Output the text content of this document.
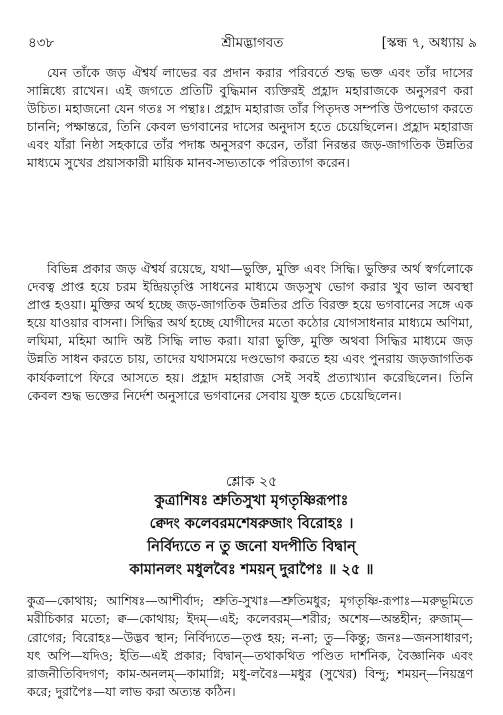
৪৩৮	শ্রীমদ্ভাগবত	[স্কন্ধ ৭, অধ্যায় ৯
যেন তাঁকে জড় ঐশ্বর্য লাভের বর প্রদান করার পরিবর্তে শুদ্ধ ভক্ত এবং তাঁর দাসের সান্নিধ্যে রাখেন। এই জগতে প্রতিটি বুদ্ধিমান ব্যক্তিরই প্রহ্লাদ মহারাজকে অনুসরণ করা উচিত। মহাজনো যেন গতঃ স পন্থাঃ। প্রহ্লাদ মহারাজ তাঁর পিতৃদত্ত সম্পত্তি উপভোগ করতে চাননি; পক্ষান্তরে, তিনি কেবল ভগবানের দাসের অনুদাস হতে চেয়েছিলেন। প্রহ্লাদ মহারাজ এবং যাঁরা নিষ্ঠা সহকারে তাঁর পদাঙ্ক অনুসরণ করেন, তাঁরা নিরন্তর জড়-জাগতিক উন্নতির মাধ্যমে সুখের প্রয়াসকারী মায়িক মানব-সভ্যতাকে পরিত্যাগ করেন।
বিভিন্ন প্রকার জড় ঐশ্বর্য রয়েছে, যথা—ভুক্তি, মুক্তি এবং সিদ্ধি। ভুক্তির অর্থ স্বর্গলোকে দেবত্ব প্রাপ্ত হয়ে চরম ইন্দ্রিয়তৃপ্তি সাধনের মাধ্যমে জড়সুখ ভোগ করার খুব ভাল অবস্থা প্রাপ্ত হওয়া। মুক্তির অর্থ হচ্ছে জড়-জাগতিক উন্নতির প্রতি বিরক্ত হয়ে ভগবানের সঙ্গে এক হয়ে যাওয়ার বাসনা। সিদ্ধির অর্থ হচ্ছে যোগীদের মতো কঠোর যোগসাধনার মাধ্যমে অণিমা, লঘিমা, মহিমা আদি অষ্ট সিদ্ধি লাভ করা। যারা ভুক্তি, মুক্তি অথবা সিদ্ধির মাধ্যমে জড় উন্নতি সাধন করতে চায়, তাদের যথাসময়ে দণ্ডভোগ করতে হয় এবং পুনরায় জড়জাগতিক কার্যকলাপে ফিরে আসতে হয়। প্রহ্লাদ মহারাজ সেই সবই প্রত্যাখ্যান করেছিলেন। তিনি কেবল শুদ্ধ ভক্তের নির্দেশ অনুসারে ভগবানের সেবায় যুক্ত হতে চেয়েছিলেন।
শ্লোক ২৫
কুত্রাশিষঃ শ্রুতিসুখা মৃগতৃষ্ণিরূপাঃ
ক্বেদং কলেবরমশেষরুজাং বিরোহঃ ।
নির্বিদ্যতে ন তু জনো যদপীতি বিদ্বান্
কামানলং মধুলবৈঃ শময়ন্ দুরাপৈঃ ॥ ২৫ ॥
কুত্র—কোথায়; আশিষঃ—আশীর্বাদ; শ্রুতি-সুখাঃ—শ্রুতিমধুর; মৃগতৃষ্ণি-রূপাঃ—মরুভূমিতে মরীচিকার মতো; ক্ব—কোথায়; ইদম্—এই; কলেবরম্—শরীর; অশেষ—অন্তহীন; রুজাম্—রোগের; বিরোহঃ—উদ্ভব স্থান; নির্বিদ্যতে—তৃপ্ত হয়; ন-না; তু—কিন্তু; জনঃ—জনসাধারণ; যৎ অপি—যদিও; ইতি—এই প্রকার; বিদ্বান্—তথাকথিত পণ্ডিত দার্শনিক, বৈজ্ঞানিক এবং রাজনীতিবিদগণ; কাম-অনলম্—কামাগ্নি; মধু-লবৈঃ—মধুর (সুখের) বিন্দু; শময়ন্—নিয়ন্ত্রণ করে; দুরাপৈঃ—যা লাভ করা অত্যন্ত কঠিন।
